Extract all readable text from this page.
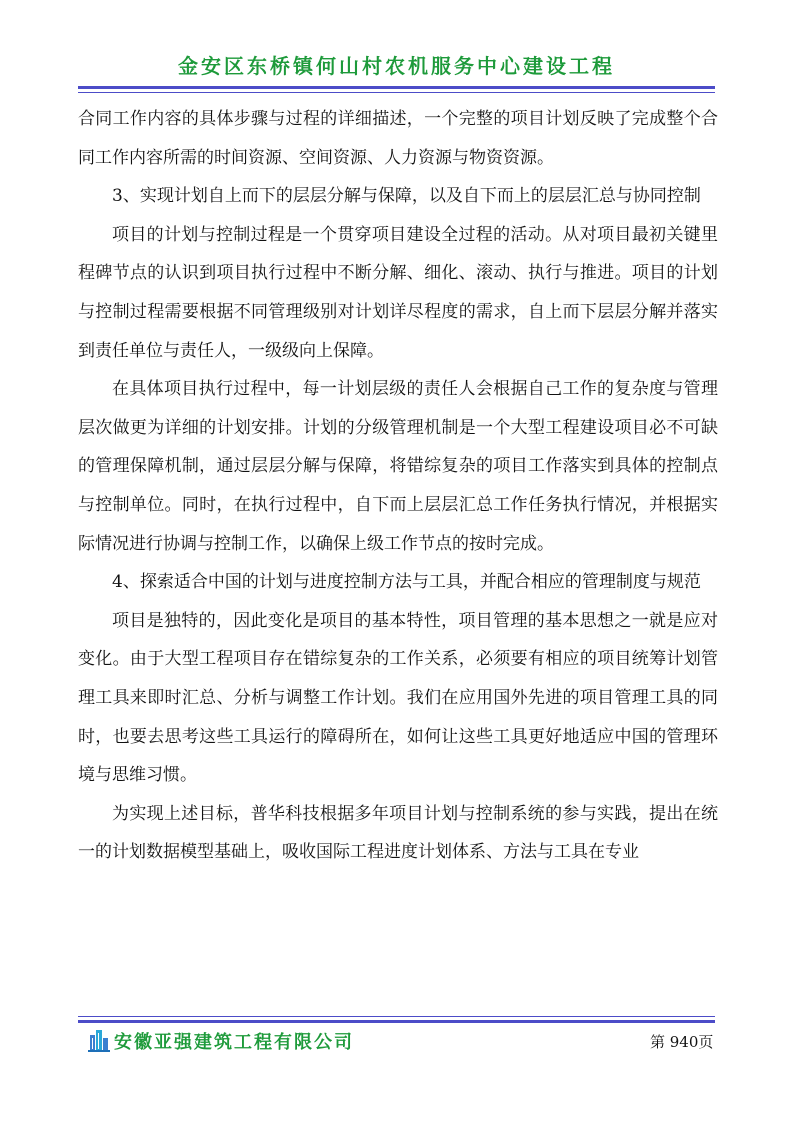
金安区东桥镇何山村农机服务中心建设工程

合同工作内容的具体步骤与过程的详细描述，一个完整的项目计划反映了完成整个合同工作内容所需的时间资源、空间资源、人力资源与物资资源。

3、实现计划自上而下的层层分解与保障，以及自下而上的层层汇总与协同控制

项目的计划与控制过程是一个贯穿项目建设全过程的活动。从对项目最初关键里程碑节点的认识到项目执行过程中不断分解、细化、滚动、执行与推进。项目的计划与控制过程需要根据不同管理级别对计划详尽程度的需求，自上而下层层分解并落实到责任单位与责任人，一级级向上保障。

在具体项目执行过程中，每一计划层级的责任人会根据自己工作的复杂度与管理层次做更为详细的计划安排。计划的分级管理机制是一个大型工程建设项目必不可缺的管理保障机制，通过层层分解与保障，将错综复杂的项目工作落实到具体的控制点与控制单位。同时，在执行过程中，自下而上层层汇总工作任务执行情况，并根据实际情况进行协调与控制工作，以确保上级工作节点的按时完成。

4、探索适合中国的计划与进度控制方法与工具，并配合相应的管理制度与规范

项目是独特的，因此变化是项目的基本特性，项目管理的基本思想之一就是应对变化。由于大型工程项目存在错综复杂的工作关系，必须要有相应的项目统筹计划管理工具来即时汇总、分析与调整工作计划。我们在应用国外先进的项目管理工具的同时，也要去思考这些工具运行的障碍所在，如何让这些工具更好地适应中国的管理环境与思维习惯。

为实现上述目标，普华科技根据多年项目计划与控制系统的参与实践，提出在统一的计划数据模型基础上，吸收国际工程进度计划体系、方法与工具在专业

安徽亚强建筑工程有限公司	第 940页
